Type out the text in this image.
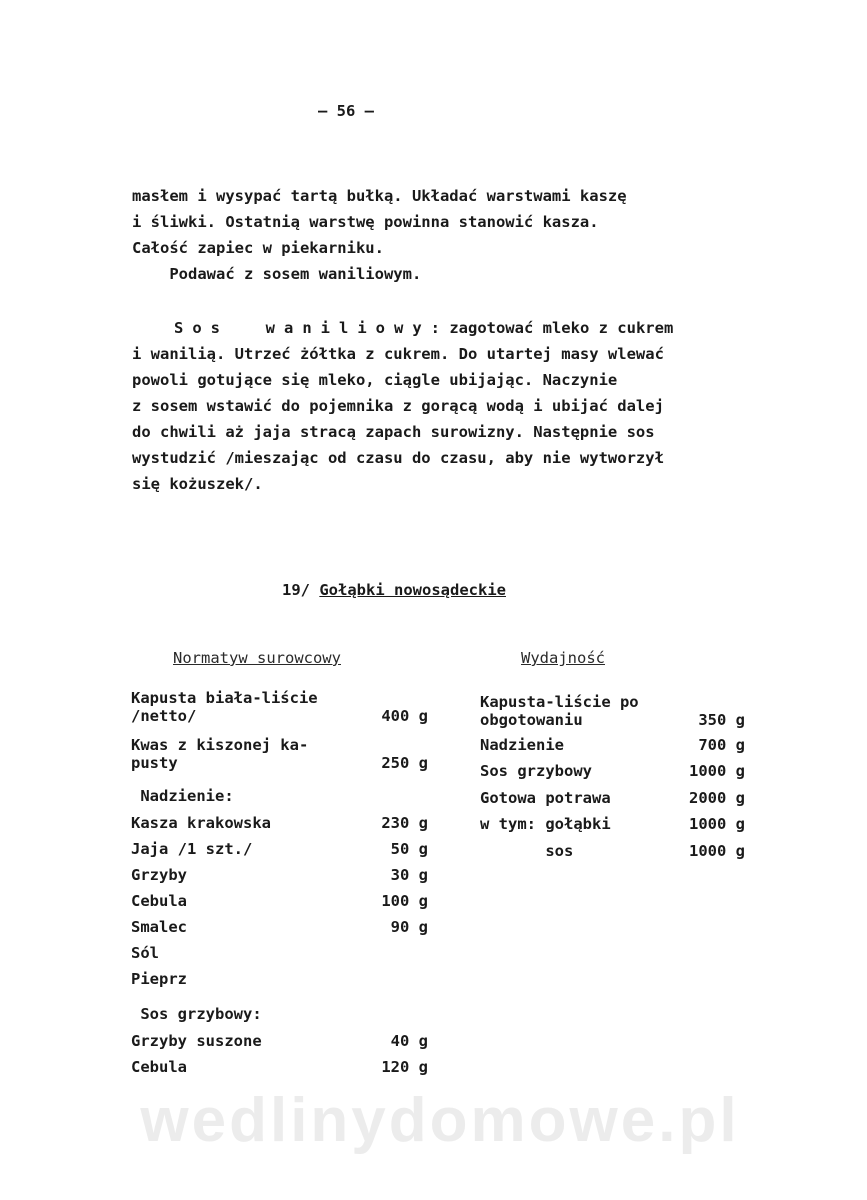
– 56 –
masłem i wysypać tartą bułką. Układać warstwami kaszę
i śliwki. Ostatnią warstwę powinna stanowić kasza.
Całość zapiec w piekarniku.
Podawać z sosem waniliowym.
Sos  waniliowy: zagotować mleko z cukrem
i wanilią. Utrzeć żółtka z cukrem. Do utartej masy wlewać
powoli gotujące się mleko, ciągle ubijając. Naczynie
z sosem wstawić do pojemnika z gorącą wodą i ubijać dalej
do chwili aż jaja stracą zapach surowizny. Następnie sos
wystudzić /mieszając od czasu do czasu, aby nie wytworzył
się kożuszek/.
19/ Gołąbki nowosądeckie
Normatyw surowcowy	Wydajność
Kapusta biała-liście
/netto/	400 g
Kwas z kiszonej ka-
pusty	250 g
Nadzienie:
Kasza krakowska	230 g
Jaja /1 szt./	50 g
Grzyby	30 g
Cebula	100 g
Smalec	90 g
Sól
Pieprz
Sos grzybowy:
Grzyby suszone	40 g
Cebula	120 g
Kapusta-liście po
obgotowaniu	350 g
Nadzienie	700 g
Sos grzybowy	1000 g
Gotowa potrawa	2000 g
w tym: gołąbki	1000 g
sos	1000 g
wedlinydomowe.pl
